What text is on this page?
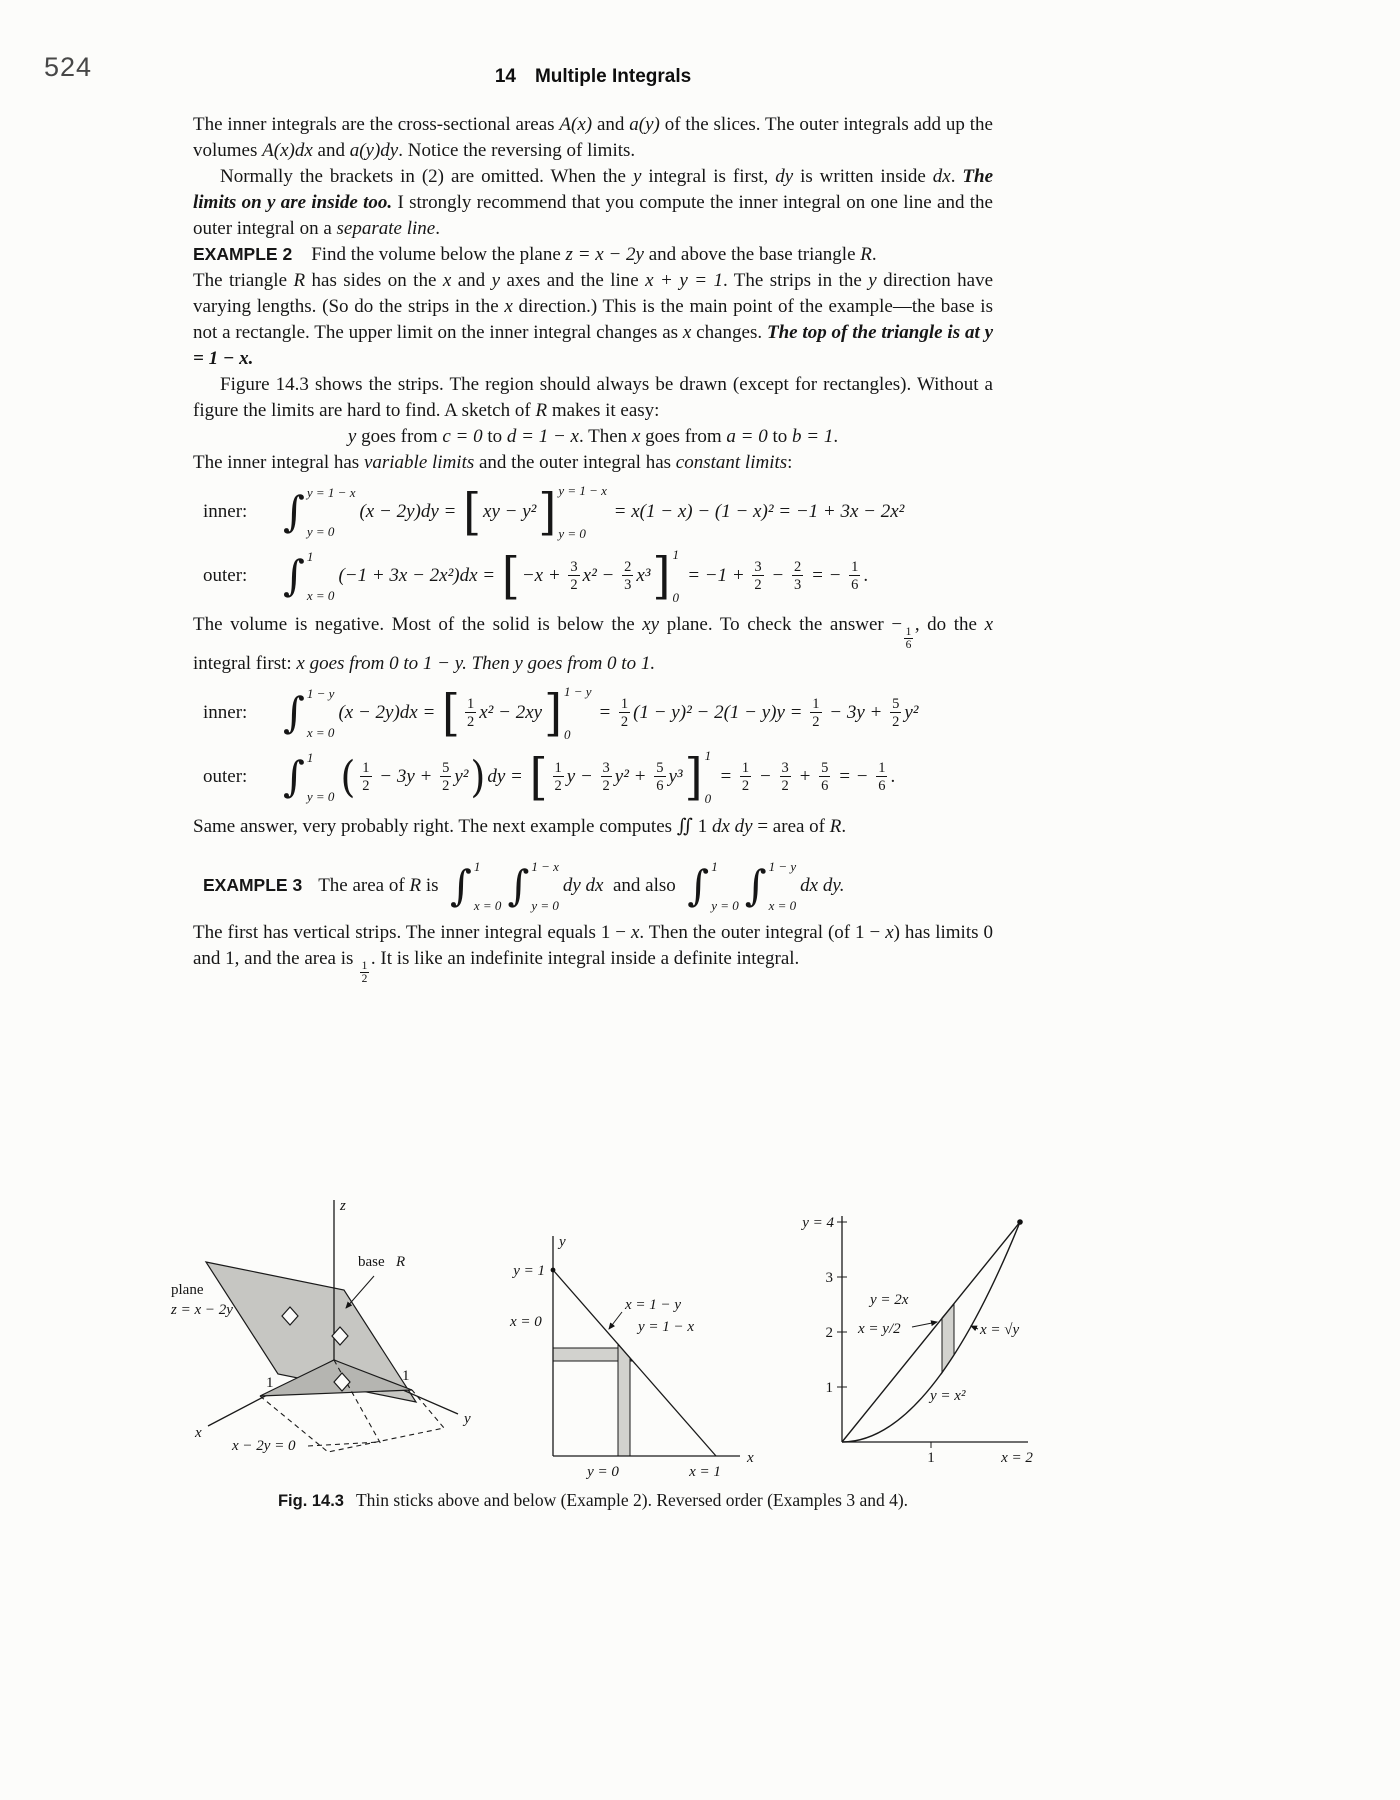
524	14 Multiple Integrals

The inner integrals are the cross-sectional areas A(x) and a(y) of the slices. The outer integrals add up the volumes A(x)dx and a(y)dy. Notice the reversing of limits.

Normally the brackets in (2) are omitted. When the y integral is first, dy is written inside dx. The limits on y are inside too. I strongly recommend that you compute the inner integral on one line and the outer integral on a separate line.

EXAMPLE 2 Find the volume below the plane z = x − 2y and above the base triangle R.

The triangle R has sides on the x and y axes and the line x + y = 1. The strips in the y direction have varying lengths. (So do the strips in the x direction.) This is the main point of the example—the base is not a rectangle. The upper limit on the inner integral changes as x changes. The top of the triangle is at y = 1 − x.

Figure 14.3 shows the strips. The region should always be drawn (except for rectangles). Without a figure the limits are hard to find. A sketch of R makes it easy:

y goes from c = 0 to d = 1 − x. Then x goes from a = 0 to b = 1.

The inner integral has variable limits and the outer integral has constant limits:

inner: ∫ y = 1 − x
y = 0
(x − 2y)dy = [ xy − y² ] y = 1 − x
y = 0
= x(1 − x) − (1 − x)² = −1 + 3x − 2x²
outer: ∫ 1
x = 0
(−1 + 3x − 2x²)dx = [ $-x + \frac{3}{2} x^2 - \frac{2}{3} x^3$ ] 1
0
= $-1 + \frac{3}{2} - \frac{2}{3}$ = − $\frac{1}{6}$ .

The volume is negative. Most of the solid is below the xy plane. To check the answer −
$\frac{1}{6}$
, do the x integral first: x goes from 0 to 1 − y. Then y goes from 0 to 1.

inner: ∫ 1 − y
x = 0
(x − 2y)dx = [ $\frac{1}{2} x^2 - 2xy$ ] 1 − y
0
= $\frac{1}{2} (1 - y)^2 - 2(1 - y)y = \frac{1}{2} - 3y + \frac{5}{2} y^2$
outer: ∫ 1
y = 0 ( $\frac{1}{2} - 3y + \frac{5}{2} y^2$ ) dy = [ $\frac{1}{2}$ $y - \frac{3}{2} y^2 + \frac{5}{6} y^3$ ] 1
0
= $\frac{1}{2} - \frac{3}{2} + \frac{5}{6}$ = − $\frac{1}{6}$ .

Same answer, very probably right. The next example computes ∬ 1 dx dy = area of R.

EXAMPLE 3 The area of R is  ∫ 1
x = 0 ∫ 1 − x
y = 0
dy dx  and also  ∫ 1
y = 0 ∫ 1 − y
x = 0
dx dy.

The first has vertical strips. The inner integral equals 1 − x. Then the outer integral (of 1 − x) has limits 0 and 1, and the area is
$\frac{1}{2}$
. It is like an indefinite integral inside a definite integral.

z
x
y
base R
plane
z = x − 2y
1	1
x − 2y = 0
y
x
y = 1
x = 0
x = 1 − y
y = 1 − x
y = 0	x = 1
y = 4
3
2
1
y = 2x
x = y/2	x = √y
y = x²
1	x = 2
Fig. 14.3 Thin sticks above and below (Example 2). Reversed order (Examples 3 and 4).
